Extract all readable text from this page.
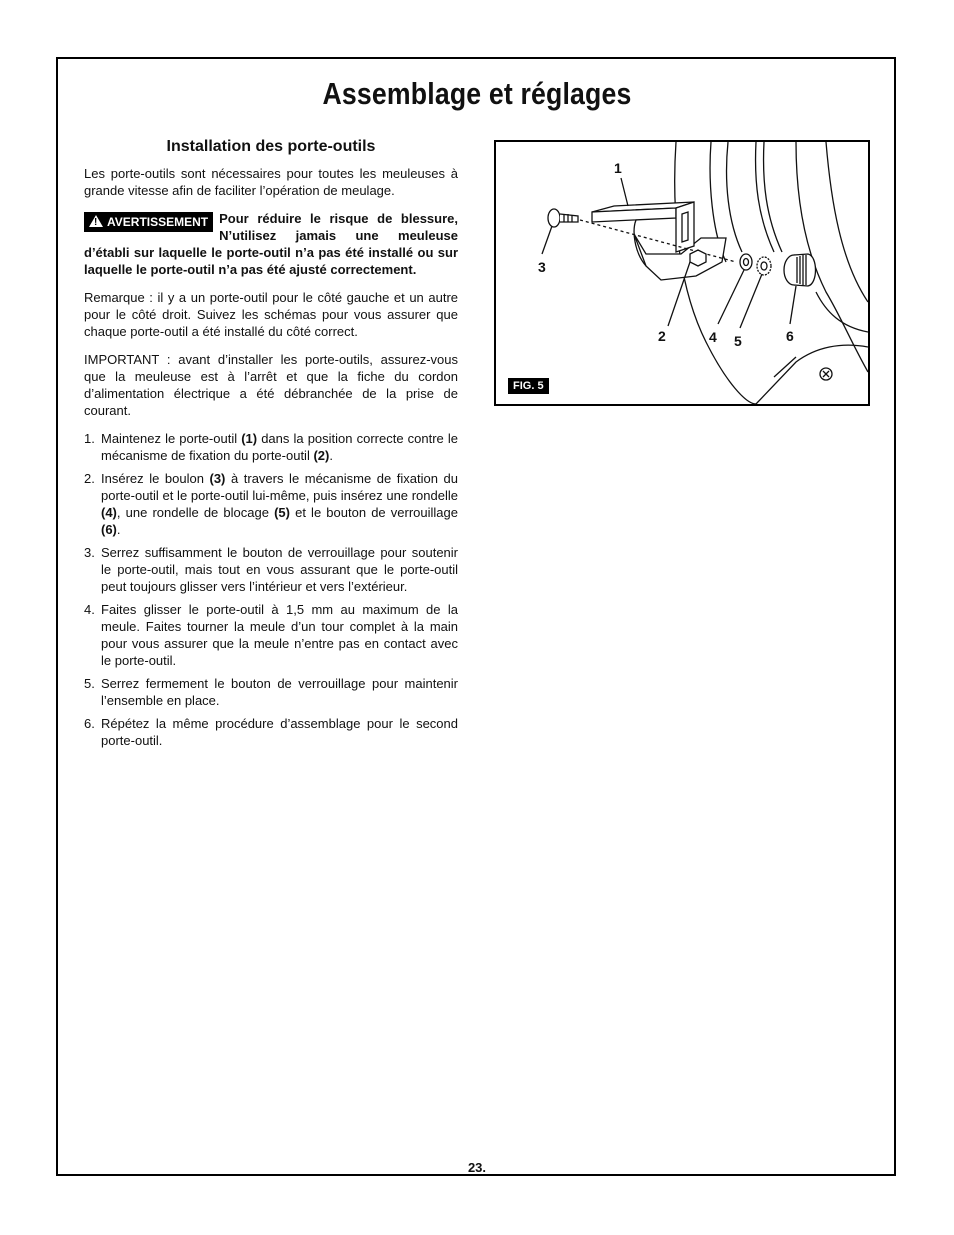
Assemblage et réglages
Installation des porte-outils

Les porte-outils sont nécessaires pour toutes les meuleuses à grande vitesse afin de faciliter l’opération de meulage.

! AVERTISSEMENT Pour réduire le risque de blessure, N’utilisez jamais une meuleuse d’établi sur laquelle le porte-outil n’a pas été installé ou sur laquelle le porte-outil n’a pas été ajusté correctement.

Remarque : il y a un porte-outil pour le côté gauche et un autre pour le côté droit. Suivez les schémas pour vous assurer que chaque porte-outil a été installé du côté correct.

IMPORTANT : avant d’installer les porte-outils, assurez-vous que la meuleuse est à l’arrêt et que la fiche du cordon d’alimentation électrique a été débranchée de la prise de courant.

1. Maintenez le porte-outil (1) dans la position correcte contre le mécanisme de fixation du porte-outil (2).
2. Insérez le boulon (3) à travers le mécanisme de fixation du porte-outil et le porte-outil lui-même, puis insérez une rondelle (4), une rondelle de blocage (5) et le bouton de verrouillage (6).
3. Serrez suffisamment le bouton de verrouillage pour soutenir le porte-outil, mais tout en vous assurant que le porte-outil peut toujours glisser vers l’intérieur et vers l’extérieur.
4. Faites glisser le porte-outil à 1,5 mm au maximum de la meule. Faites tourner la meule d’un tour complet à la main pour vous assurer que la meule n’entre pas en contact avec le porte-outil.
5. Serrez fermement le bouton de verrouillage pour maintenir l’ensemble en place.
6. Répétez la même procédure d’assemblage pour le second porte-outil.
1
2
3
4 5	6
FIG. 5
23.
